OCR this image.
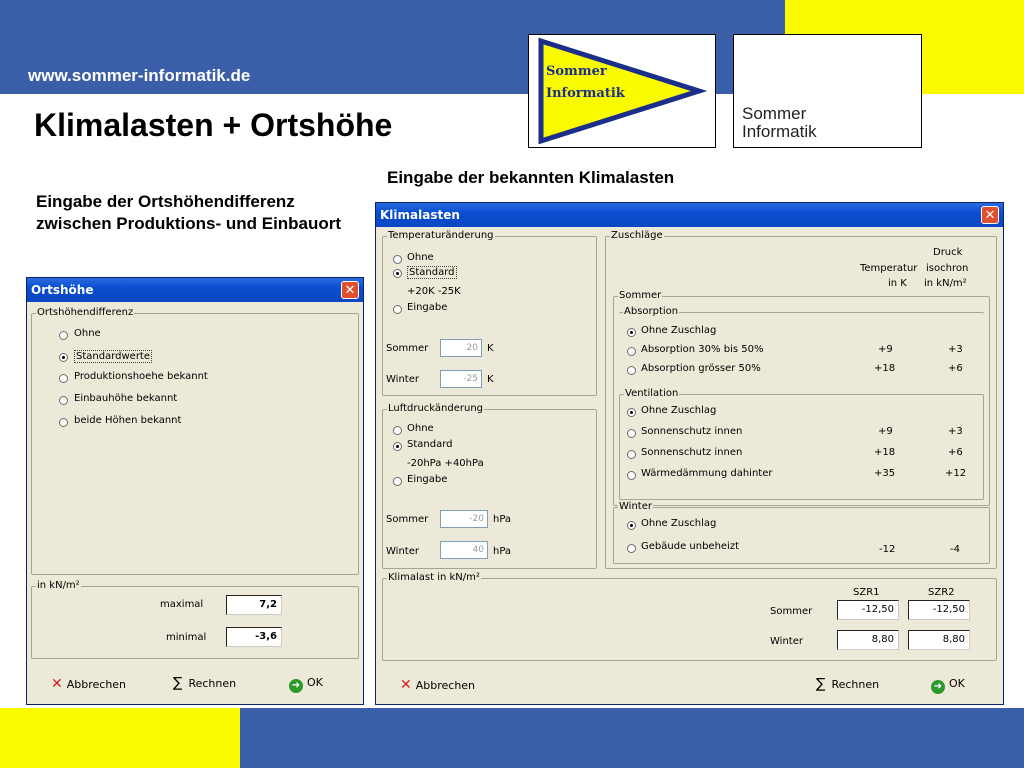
www.sommer-informatik.de
Klimalasten + Ortshöhe
Sommer
Informatik
Sommer
Informatik
Eingabe der bekannten Klimalasten
Eingabe der Ortshöhendifferenz zwischen Produktions- und Einbauort
Ortshöhe	✕
Ortshöhendifferenz
Ohne
Standardwerte
Produktionshoehe bekannt
Einbauhöhe bekannt
beide Höhen bekannt
in kN/m²
maximal	7,2
minimal	-3,6
✕ Abbrechen	∑ Rechnen	➜ OK
Klimalasten	✕
Temperaturänderung
Ohne
Standard
+20K -25K
Eingabe
Sommer	20 K
Winter	-25 K
Luftdruckänderung
Ohne
Standard
-20hPa +40hPa
Eingabe
Sommer	-20 hPa
Winter	40 hPa
Zuschläge
Temperatur
in K
Druck
isochron
in kN/m²
Sommer
Absorption
Ohne Zuschlag
Absorption 30% bis 50%	+9	+3
Absorption grösser 50%	+18	+6
Ventilation
Ohne Zuschlag
Sonnenschutz innen	+9	+3
Sonnenschutz innen	+18	+6
Wärmedämmung dahinter	+35	+12
Winter
Ohne Zuschlag
Gebäude unbeheizt	-12	-4
Klimalast in kN/m²
SZR1	SZR2
Sommer	-12,50	-12,50
Winter	8,80	8,80
✕ Abbrechen	∑ Rechnen	➜ OK
